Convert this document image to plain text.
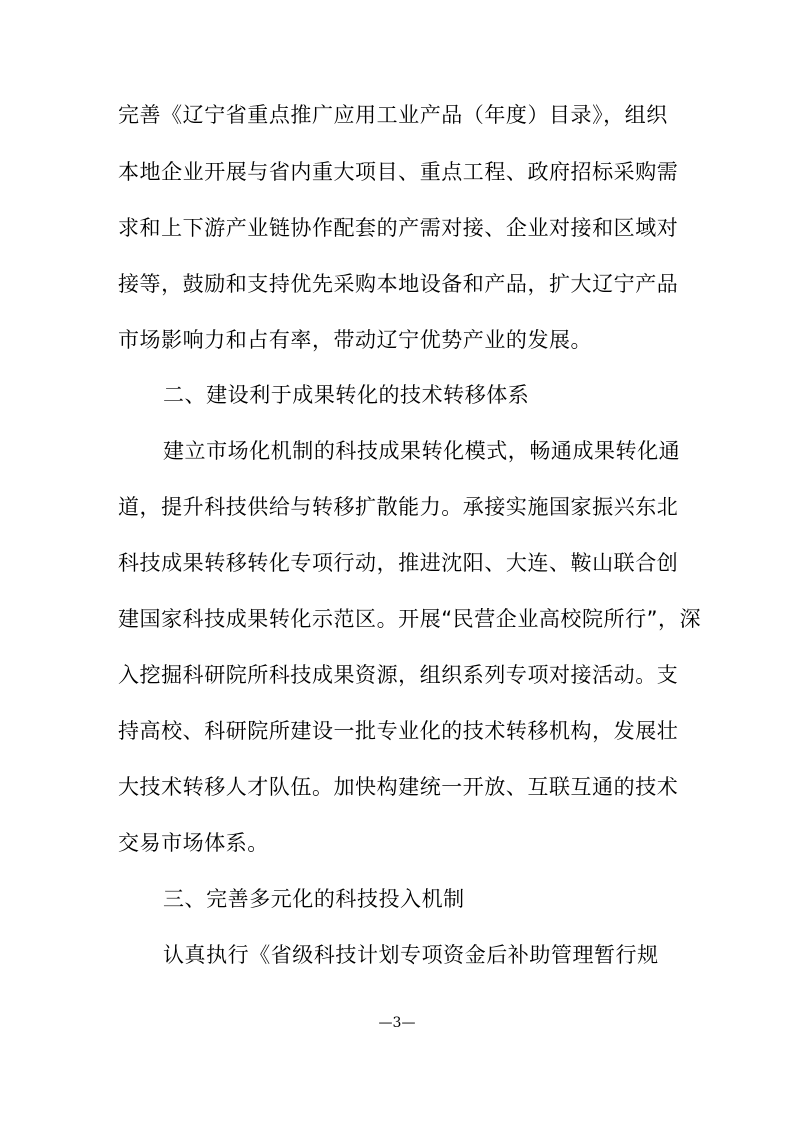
完善《辽宁省重点推广应用工业产品（年度）目录》，组织
本地企业开展与省内重大项目、重点工程、政府招标采购需
求和上下游产业链协作配套的产需对接、企业对接和区域对
接等，鼓励和支持优先采购本地设备和产品，扩大辽宁产品
市场影响力和占有率，带动辽宁优势产业的发展。
二、建设利于成果转化的技术转移体系
建立市场化机制的科技成果转化模式，畅通成果转化通
道，提升科技供给与转移扩散能力。承接实施国家振兴东北
科技成果转移转化专项行动，推进沈阳、大连、鞍山联合创
建国家科技成果转化示范区。开展“民营企业高校院所行”，深
入挖掘科研院所科技成果资源，组织系列专项对接活动。支
持高校、科研院所建设一批专业化的技术转移机构，发展壮
大技术转移人才队伍。加快构建统一开放、互联互通的技术
交易市场体系。
三、完善多元化的科技投入机制
认真执行《省级科技计划专项资金后补助管理暂行规
—3—
